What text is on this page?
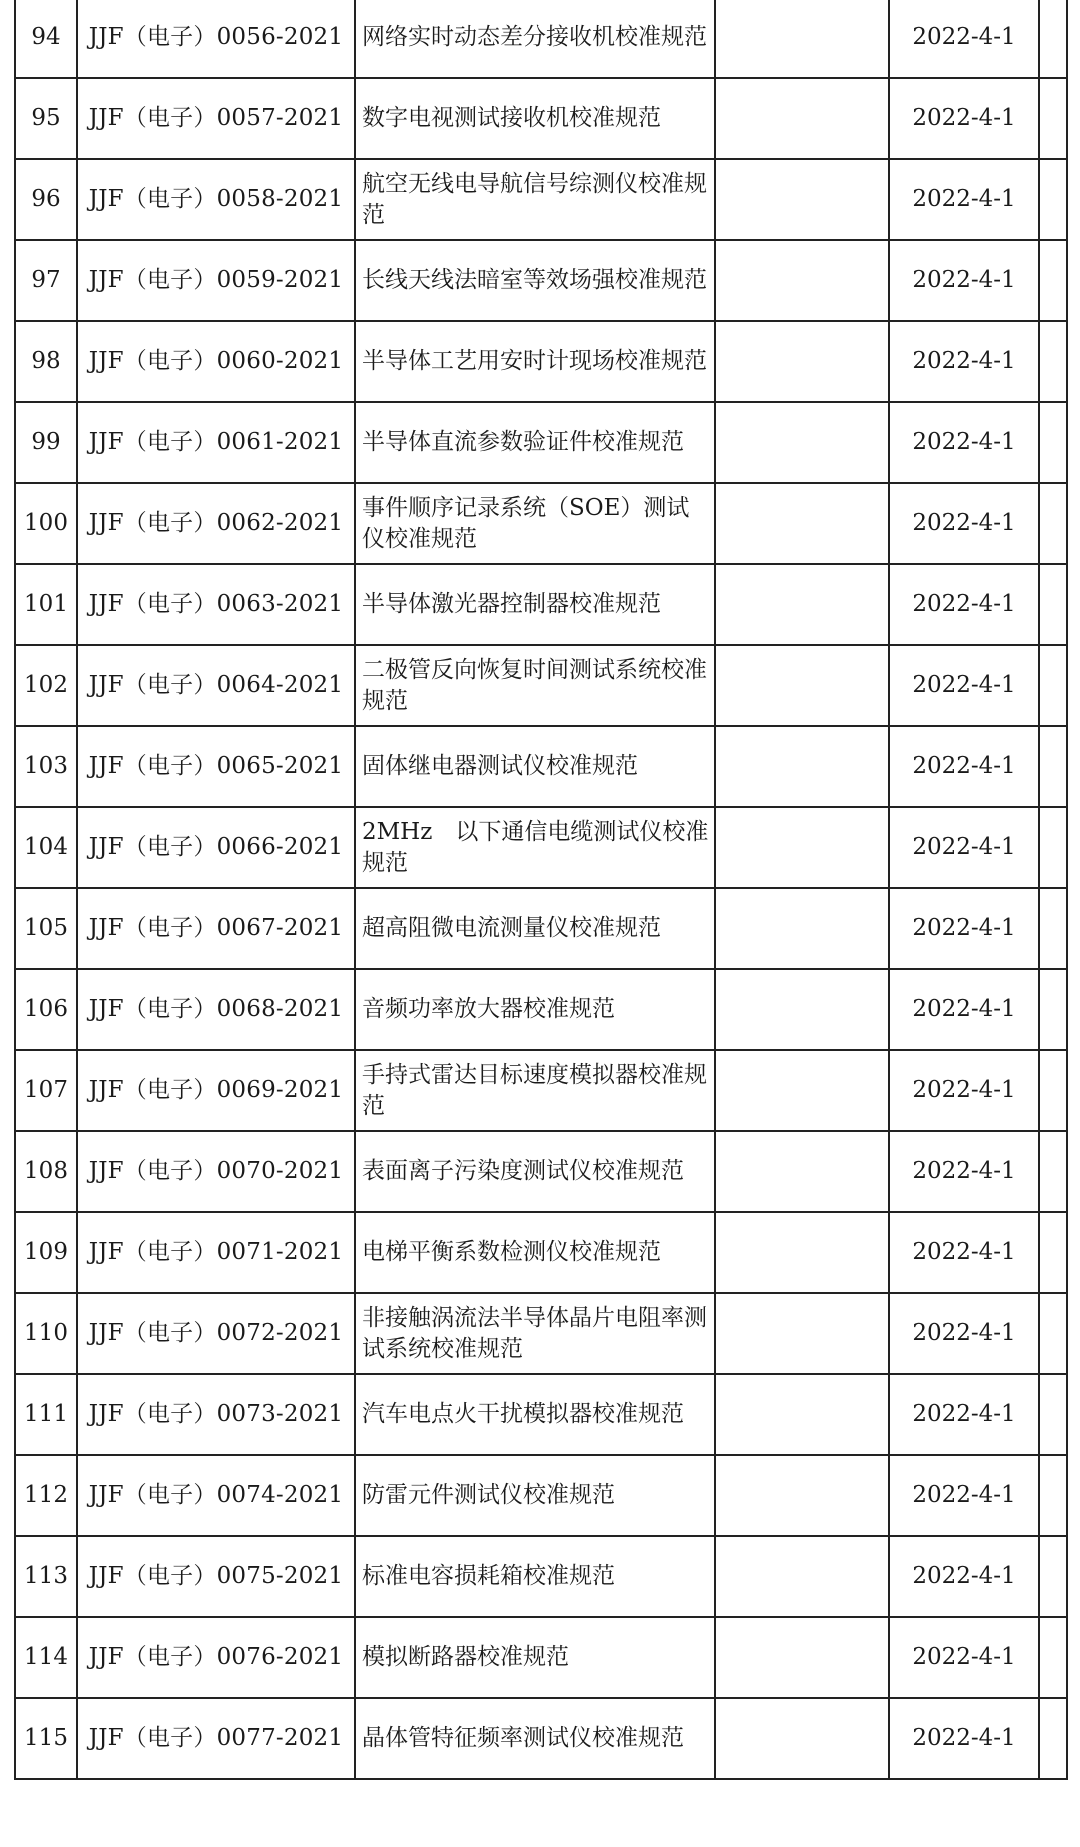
94	JJF（电子）0056-2021	网络实时动态差分接收机校准规范		2022-4-1	
95	JJF（电子）0057-2021	数字电视测试接收机校准规范		2022-4-1	
96	JJF（电子）0058-2021	航空无线电导航信号综测仪校准规范		2022-4-1	
97	JJF（电子）0059-2021	长线天线法暗室等效场强校准规范		2022-4-1	
98	JJF（电子）0060-2021	半导体工艺用安时计现场校准规范		2022-4-1	
99	JJF（电子）0061-2021	半导体直流参数验证件校准规范		2022-4-1	
100	JJF（电子）0062-2021	事件顺序记录系统（SOE）测试仪校准规范		2022-4-1	
101	JJF（电子）0063-2021	半导体激光器控制器校准规范		2022-4-1	
102	JJF（电子）0064-2021	二极管反向恢复时间测试系统校准规范		2022-4-1	
103	JJF（电子）0065-2021	固体继电器测试仪校准规范		2022-4-1	
104	JJF（电子）0066-2021	2MHz　以下通信电缆测试仪校准规范		2022-4-1	
105	JJF（电子）0067-2021	超高阻微电流测量仪校准规范		2022-4-1	
106	JJF（电子）0068-2021	音频功率放大器校准规范		2022-4-1	
107	JJF（电子）0069-2021	手持式雷达目标速度模拟器校准规范		2022-4-1	
108	JJF（电子）0070-2021	表面离子污染度测试仪校准规范		2022-4-1	
109	JJF（电子）0071-2021	电梯平衡系数检测仪校准规范		2022-4-1	
110	JJF（电子）0072-2021	非接触涡流法半导体晶片电阻率测试系统校准规范		2022-4-1	
111	JJF（电子）0073-2021	汽车电点火干扰模拟器校准规范		2022-4-1	
112	JJF（电子）0074-2021	防雷元件测试仪校准规范		2022-4-1	
113	JJF（电子）0075-2021	标准电容损耗箱校准规范		2022-4-1	
114	JJF（电子）0076-2021	模拟断路器校准规范		2022-4-1	
115	JJF（电子）0077-2021	晶体管特征频率测试仪校准规范		2022-4-1	
